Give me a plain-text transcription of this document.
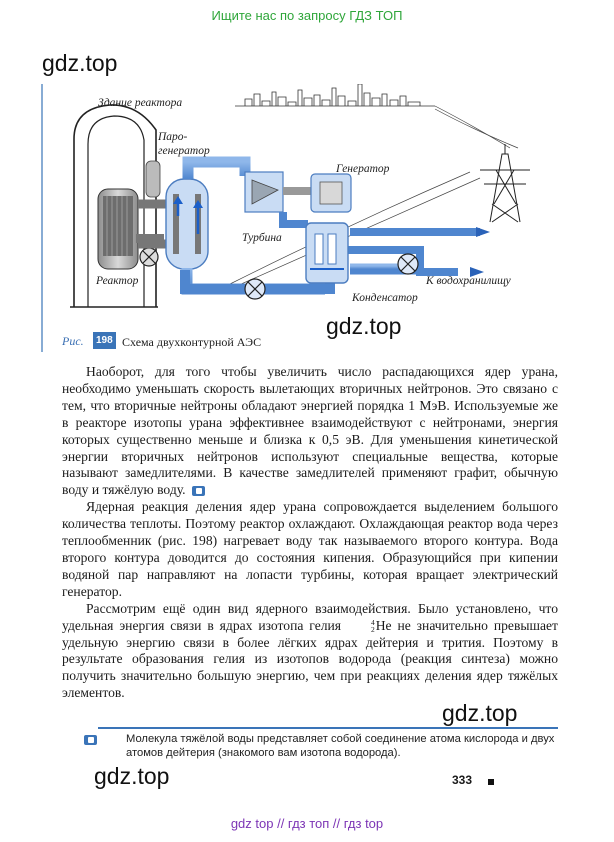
Ищите нас по запросу ГДЗ ТОП
gdz.top
Здание реактора
Паро-
генератор
Генератор
Турбина
Реактор	К водохранилищу
Конденсатор
gdz.top
Рис.	198 Схема двухконтурной АЭС

Наоборот, для того чтобы увеличить число распадающихся ядер урана, необходимо уменьшать скорость вылетающих вторичных нейтронов. Это связано с тем, что вторичные нейтроны обладают энергией порядка 1 МэВ. Используемые же в реакторе изотопы урана эффективнее взаимодействуют с нейтронами, энергия которых существенно меньше и близка к 0,5 эВ. Для уменьшения кинетической энергии вторичных нейтронов используют специальные вещества, которые называют замедлителями. В качестве замедлителей применяют графит, обычную воду и тяжёлую воду.

Ядерная реакция деления ядер урана сопровождается выделением большого количества теплоты. Поэтому реактор охлаждают. Охлаждающая реактор вода через теплообменник (рис. 198) нагревает воду так называемого второго контура. Вода второго контура доводится до состояния кипения. Образующийся при кипении водяной пар направляют на лопасти турбины, которая вращает электрический генератор.

Рассмотрим ещё один вид ядерного взаимодействия. Было установлено, что удельная энергия связи в ядрах изотопа гелия	4
2He не значительно превышает удельную энергию связи в более лёгких ядрах дейтерия и трития. Поэтому в результате образования гелия из изотопов водорода (реакция синтеза) можно получить значительно большую энергию, чем при реакциях деления ядер тяжёлых элементов.

gdz.top
Молекула тяжёлой воды представляет собой соединение атома кислорода и двух атомов дейтерия (знакомого вам изотопа водорода).
gdz.top	333
gdz top // гдз топ // гдз top
